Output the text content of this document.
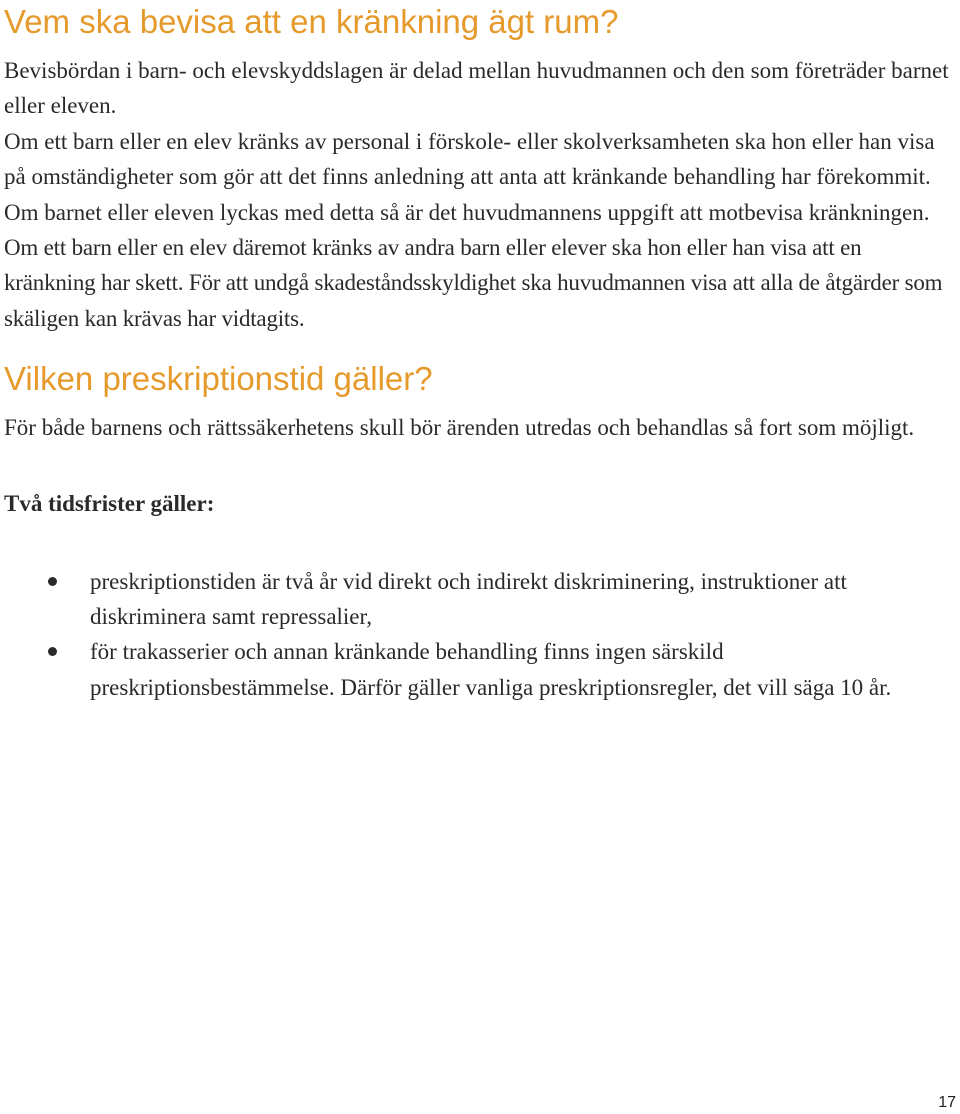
Vem ska bevisa att en kränkning ägt rum?

Bevisbördan i barn- och elevskyddslagen är delad mellan huvudmannen och den som företräder barnet eller eleven.

Om ett barn eller en elev kränks av personal i förskole- eller skolverksamheten ska hon eller han visa på omständigheter som gör att det finns anledning att anta att kränkande behandling har förekommit. Om barnet eller eleven lyckas med detta så är det huvudmannens uppgift att motbevisa kränkningen.

Om ett barn eller en elev däremot kränks av andra barn eller elever ska hon eller han visa att en kränkning har skett. För att undgå skadeståndsskyldighet ska huvudmannen visa att alla de åtgärder som skäligen kan krävas har vidtagits.

Vilken preskriptionstid gäller?

För både barnens och rättssäkerhetens skull bör ärenden utredas och behandlas så fort som möjligt.

Två tidsfrister gäller:
preskriptionstiden är två år vid direkt och indirekt diskriminering, instruktioner att diskriminera samt repressalier,
för trakasserier och annan kränkande behandling finns ingen särskild preskriptionsbestämmelse. Därför gäller vanliga preskriptionsregler, det vill säga 10 år.
17
